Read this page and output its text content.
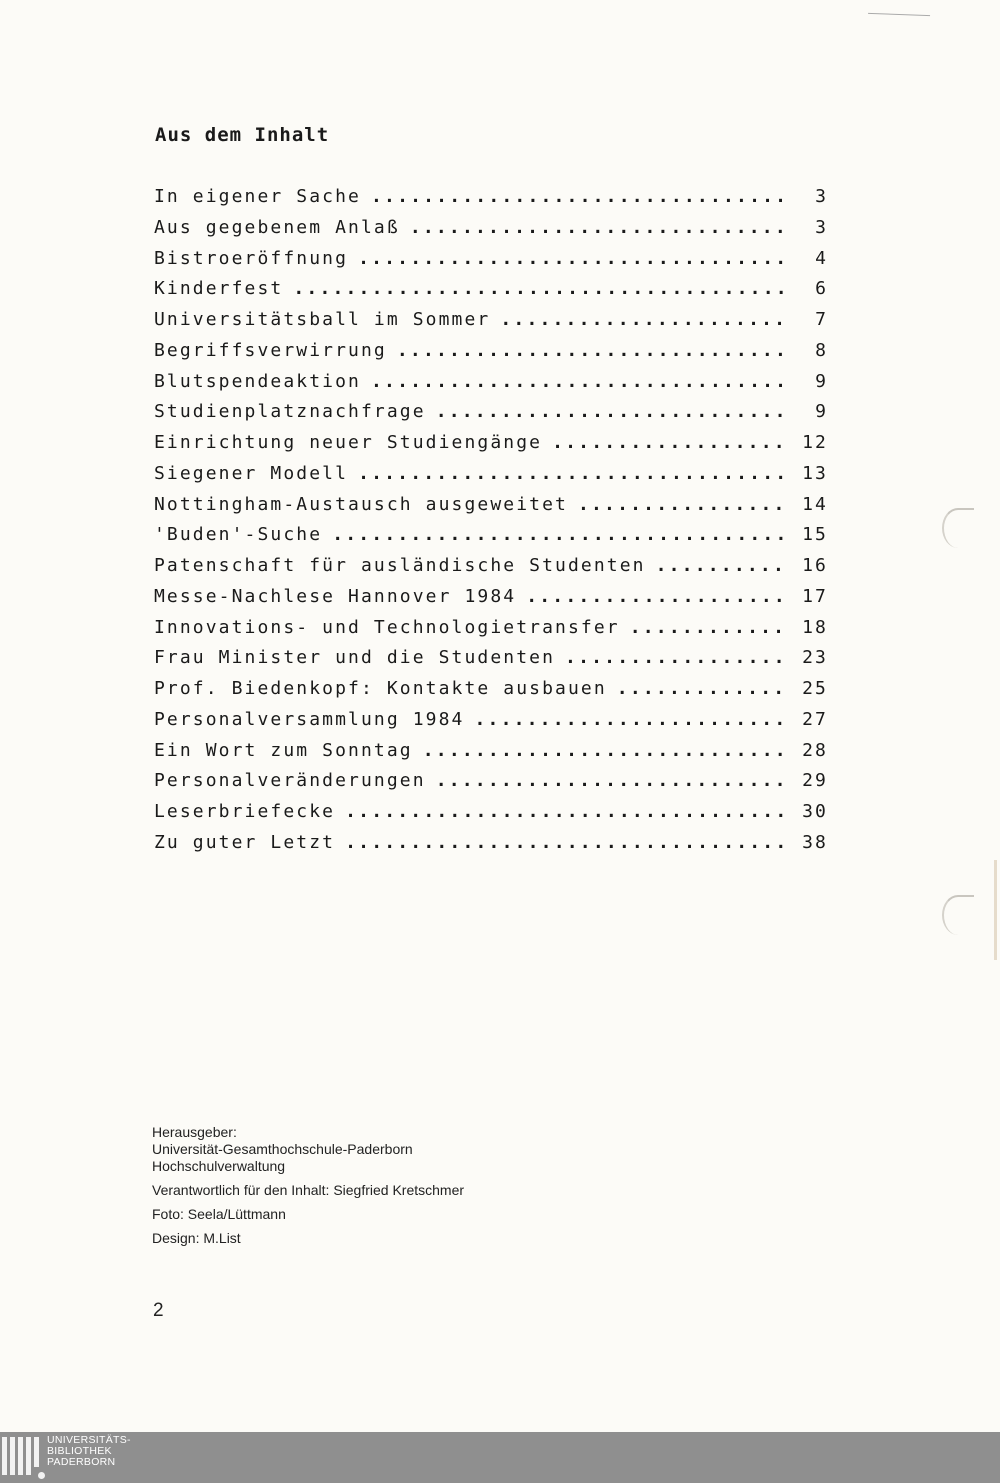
Aus dem Inhalt
In eigener Sache .....	3
Aus gegebenem Anlaß .....	3
Bistroeröffnung .....	4
Kinderfest .....	6
Universitätsball im Sommer .....	7
Begriffsverwirrung .....	8
Blutspendeaktion .....	9
Studienplatznachfrage .....	9
Einrichtung neuer Studiengänge .....	12
Siegener Modell .....	13
Nottingham-Austausch ausgeweitet .....	14
'Buden'-Suche .....	15
Patenschaft für ausländische Studenten .....	16
Messe-Nachlese Hannover 1984 .....	17
Innovations- und Technologietransfer .....	18
Frau Minister und die Studenten .....	23
Prof. Biedenkopf: Kontakte ausbauen .....	25
Personalversammlung 1984 .....	27
Ein Wort zum Sonntag .....	28
Personalveränderungen .....	29
Leserbriefecke .....	30
Zu guter Letzt .....	38
Herausgeber:
Universität-Gesamthochschule-Paderborn
Hochschulverwaltung
Verantwortlich für den Inhalt: Siegfried Kretschmer
Foto: Seela/Lüttmann
Design: M.List
2
UNIVERSITÄTS-
BIBLIOTHEK
PADERBORN
